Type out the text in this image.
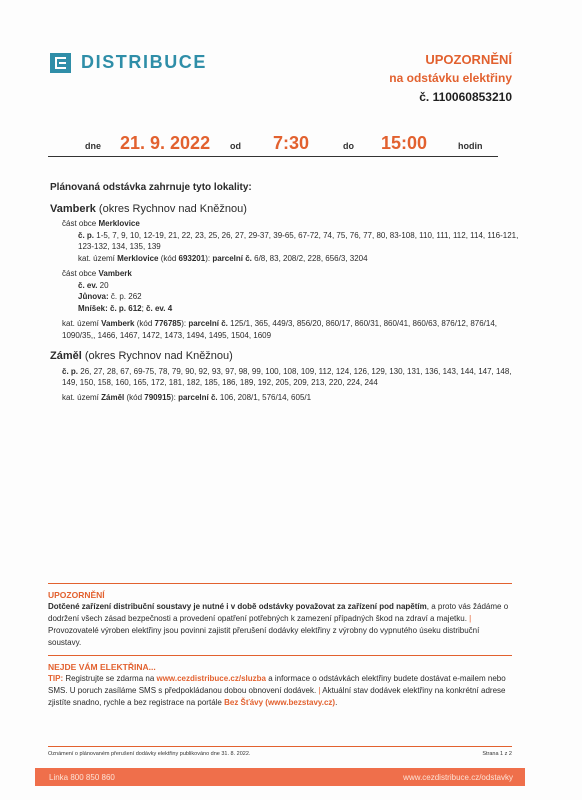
DISTRIBUCE	UPOZORNĚNÍ
na odstávku elektřiny
č. 110060853210
dne 21. 9. 2022 od 7:30	do 15:00	hodin
Plánovaná odstávka zahrnuje tyto lokality:
Vamberk (okres Rychnov nad Kněžnou)
část obce Merklovice
č. p. 1-5, 7, 9, 10, 12-19, 21, 22, 23, 25, 26, 27, 29-37, 39-65, 67-72, 74, 75, 76, 77, 80, 83-108, 110, 111, 112, 114, 116-121, 123-132, 134, 135, 139
kat. území Merklovice (kód 693201): parcelní č. 6/8, 83, 208/2, 228, 656/3, 3204
část obce Vamberk
č. ev. 20
Jůnova: č. p. 262
Mníšek: č. p. 612; č. ev. 4
kat. území Vamberk (kód 776785): parcelní č. 125/1, 365, 449/3, 856/20, 860/17, 860/31, 860/41, 860/63, 876/12, 876/14, 1090/35,, 1466, 1467, 1472, 1473, 1494, 1495, 1504, 1609
Záměl (okres Rychnov nad Kněžnou)
č. p. 26, 27, 28, 67, 69-75, 78, 79, 90, 92, 93, 97, 98, 99, 100, 108, 109, 112, 124, 126, 129, 130, 131, 136, 143, 144, 147, 148, 149, 150, 158, 160, 165, 172, 181, 182, 185, 186, 189, 192, 205, 209, 213, 220, 224, 244
kat. území Záměl (kód 790915): parcelní č. 106, 208/1, 576/14, 605/1
UPOZORNĚNÍ
Dotčené zařízení distribuční soustavy je nutné i v době odstávky považovat za zařízení pod napětím, a proto vás žádáme o dodržení všech zásad bezpečnosti a provedení opatření potřebných k zamezení případných škod na zdraví a majetku. | Provozovatelé výroben elektřiny jsou povinni zajistit přerušení dodávky elektřiny z výrobny do vypnutého úseku distribuční soustavy.
NEJDE VÁM ELEKTŘINA...
TIP: Registrujte se zdarma na www.cezdistribuce.cz/sluzba a informace o odstávkách elektřiny budete dostávat e-mailem nebo SMS. U poruch zasíláme SMS s předpokládanou dobou obnovení dodávek. | Aktuální stav dodávek elektřiny na konkrétní adrese zjistíte snadno, rychle a bez registrace na portále Bez Šťávy (www.bezstavy.cz).
Oznámení o plánovaném přerušení dodávky elektřiny publikováno dne 31. 8. 2022.	Strana 1 z 2
Linka 800 850 860	www.cezdistribuce.cz/odstavky
